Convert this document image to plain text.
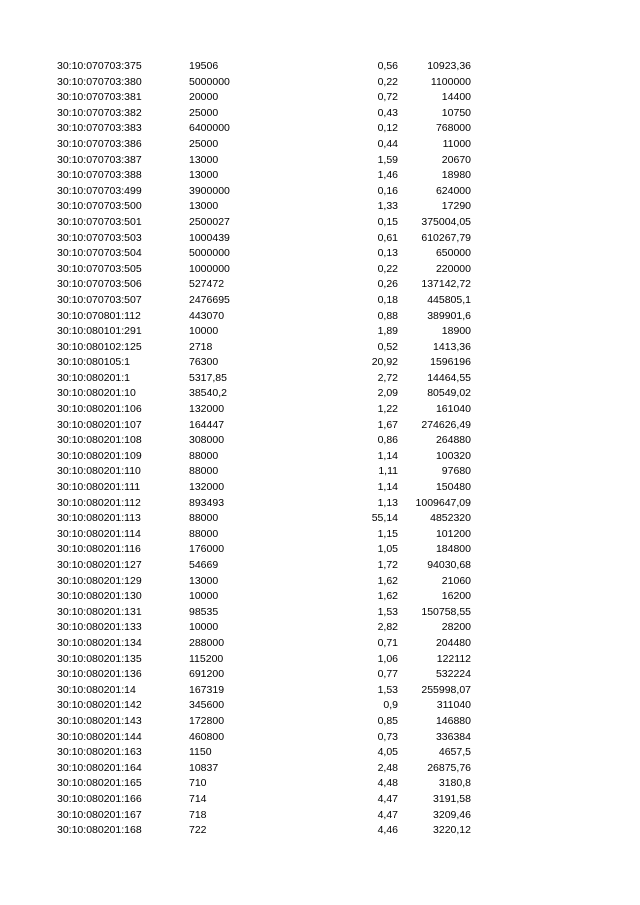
30:10:070703:375	19506	0,56	10923,36
30:10:070703:380	5000000	0,22	1100000
30:10:070703:381	20000	0,72	14400
30:10:070703:382	25000	0,43	10750
30:10:070703:383	6400000	0,12	768000
30:10:070703:386	25000	0,44	11000
30:10:070703:387	13000	1,59	20670
30:10:070703:388	13000	1,46	18980
30:10:070703:499	3900000	0,16	624000
30:10:070703:500	13000	1,33	17290
30:10:070703:501	2500027	0,15	375004,05
30:10:070703:503	1000439	0,61	610267,79
30:10:070703:504	5000000	0,13	650000
30:10:070703:505	1000000	0,22	220000
30:10:070703:506	527472	0,26	137142,72
30:10:070703:507	2476695	0,18	445805,1
30:10:070801:112	443070	0,88	389901,6
30:10:080101:291	10000	1,89	18900
30:10:080102:125	2718	0,52	1413,36
30:10:080105:1	76300	20,92	1596196
30:10:080201:1	5317,85	2,72	14464,55
30:10:080201:10	38540,2	2,09	80549,02
30:10:080201:106	132000	1,22	161040
30:10:080201:107	164447	1,67	274626,49
30:10:080201:108	308000	0,86	264880
30:10:080201:109	88000	1,14	100320
30:10:080201:110	88000	1,11	97680
30:10:080201:111	132000	1,14	150480
30:10:080201:112	893493	1,13	1009647,09
30:10:080201:113	88000	55,14	4852320
30:10:080201:114	88000	1,15	101200
30:10:080201:116	176000	1,05	184800
30:10:080201:127	54669	1,72	94030,68
30:10:080201:129	13000	1,62	21060
30:10:080201:130	10000	1,62	16200
30:10:080201:131	98535	1,53	150758,55
30:10:080201:133	10000	2,82	28200
30:10:080201:134	288000	0,71	204480
30:10:080201:135	115200	1,06	122112
30:10:080201:136	691200	0,77	532224
30:10:080201:14	167319	1,53	255998,07
30:10:080201:142	345600	0,9	311040
30:10:080201:143	172800	0,85	146880
30:10:080201:144	460800	0,73	336384
30:10:080201:163	1150	4,05	4657,5
30:10:080201:164	10837	2,48	26875,76
30:10:080201:165	710	4,48	3180,8
30:10:080201:166	714	4,47	3191,58
30:10:080201:167	718	4,47	3209,46
30:10:080201:168	722	4,46	3220,12
